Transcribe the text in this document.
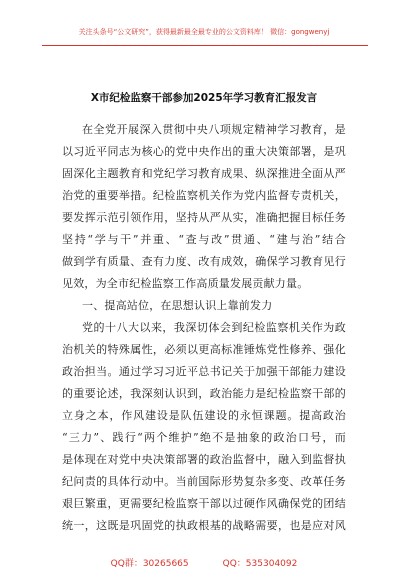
关注头条号“公文研究”，获得最新最全最专业的公文资料库！ 微信：gongwenyj
X市纪检监察干部参加2025年学习教育汇报发言
在全党开展深入贯彻中央八项规定精神学习教育，是
以习近平同志为核心的党中央作出的重大决策部署，是巩
固深化主题教育和党纪学习教育成果、纵深推进全面从严
治党的重要举措。纪检监察机关作为党内监督专责机关，
要发挥示范引领作用，坚持从严从实，准确把握目标任务
坚持“学与干”并重、“查与改”贯通、“建与治”结合
做到学有质量、查有力度、改有成效，确保学习教育见行
见效，为全市纪检监察工作高质量发展贡献力量。
一、提高站位，在思想认识上靠前发力
党的十八大以来，我深切体会到纪检监察机关作为政
治机关的特殊属性，必须以更高标准锤炼党性修养、强化
政治担当。通过学习习近平总书记关于加强干部能力建设
的重要论述，我深刻认识到，政治能力是纪检监察干部的
立身之本，作风建设是队伍建设的永恒课题。提高政治
“三力”、践行“两个维护”绝不是抽象的政治口号，而
是体现在对党中央决策部署的政治监督中，融入到监督执
纪问责的具体行动中。当前国际形势复杂多变、改革任务
艰巨繁重，更需要纪检监察干部以过硬作风确保党的团结
统一，这既是巩固党的执政根基的战略需要，也是应对风
QQ群：30265665	QQ：535304092
